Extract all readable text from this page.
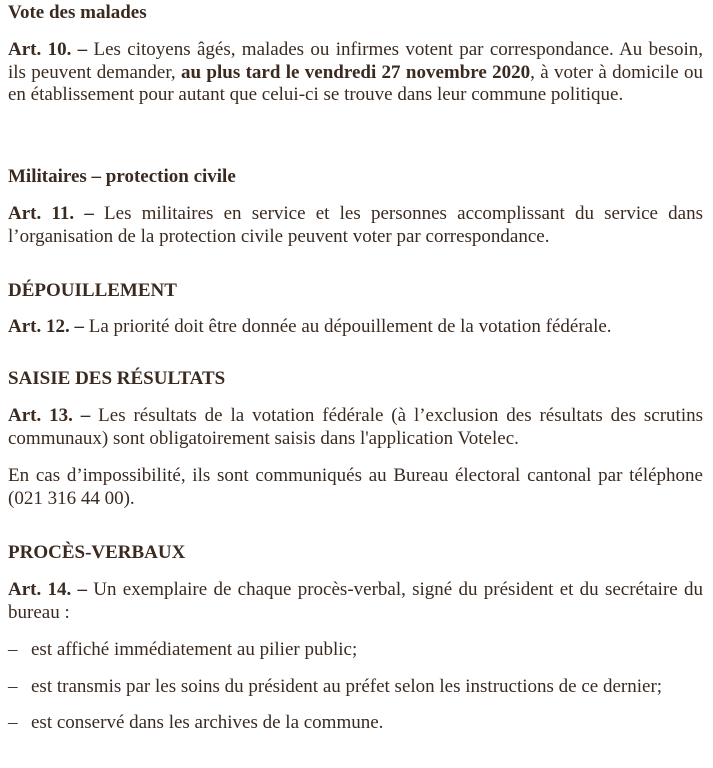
Vote des malades

Art. 10. – Les citoyens âgés, malades ou infirmes votent par correspondance. Au besoin, ils peuvent demander, au plus tard le vendredi 27 novembre 2020, à voter à domicile ou en établissement pour autant que celui-ci se trouve dans leur commune politique.

Militaires – protection civile

Art. 11. – Les militaires en service et les personnes accomplissant du service dans l’organisation de la protection civile peuvent voter par correspondance.

DÉPOUILLEMENT

Art. 12. – La priorité doit être donnée au dépouillement de la votation fédérale.

SAISIE DES RÉSULTATS

Art. 13. – Les résultats de la votation fédérale (à l’exclusion des résultats des scrutins communaux) sont obligatoirement saisis dans l'application Votelec.

En cas d’impossibilité, ils sont communiqués au Bureau électoral cantonal par téléphone (021 316 44 00).

PROCÈS-VERBAUX

Art. 14. – Un exemplaire de chaque procès-verbal, signé du président et du secrétaire du bureau :

– est affiché immédiatement au pilier public;
– est transmis par les soins du président au préfet selon les instructions de ce dernier;
– est conservé dans les archives de la commune.
